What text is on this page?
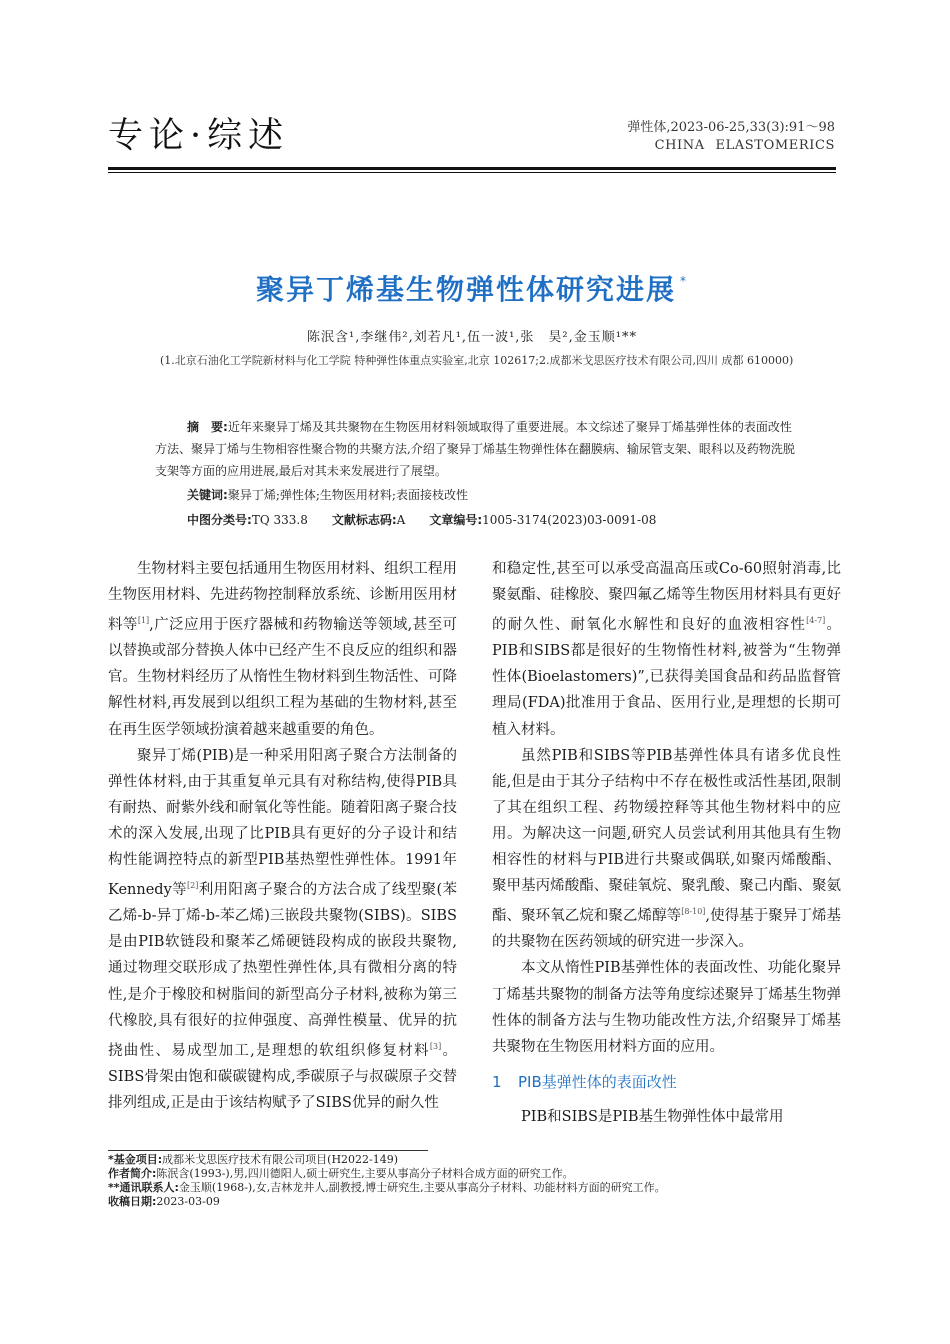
专论·综述	弹性体,2023-06-25,33(3):91～98
CHINA ELASTOMERICS
聚异丁烯基生物弹性体研究进展 *
陈泯含¹,李继伟²,刘若凡¹,伍一波¹,张　昊²,金玉顺¹**
(1.北京石油化工学院新材料与化工学院 特种弹性体重点实验室,北京 102617;2.成都米戈思医疗技术有限公司,四川 成都 610000)
摘　要:近年来聚异丁烯及其共聚物在生物医用材料领域取得了重要进展。本文综述了聚异丁烯基弹性体的表面改性方法、聚异丁烯与生物相容性聚合物的共聚方法,介绍了聚异丁烯基生物弹性体在翻膜病、输尿管支架、眼科以及药物洗脱支架等方面的应用进展,最后对其未来发展进行了展望。
关键词:聚异丁烯;弹性体;生物医用材料;表面接枝改性
中图分类号:TQ 333.8 文献标志码:A 文章编号:1005-3174(2023)03-0091-08

生物材料主要包括通用生物医用材料、组织工程用生物医用材料、先进药物控制释放系统、诊断用医用材料等[1],广泛应用于医疗器械和药物输送等领域,甚至可以替换或部分替换人体中已经产生不良反应的组织和器官。生物材料经历了从惰性生物材料到生物活性、可降解性材料,再发展到以组织工程为基础的生物材料,甚至在再生医学领域扮演着越来越重要的角色。

聚异丁烯(PIB)是一种采用阳离子聚合方法制备的弹性体材料,由于其重复单元具有对称结构,使得PIB具有耐热、耐紫外线和耐氧化等性能。随着阳离子聚合技术的深入发展,出现了比PIB具有更好的分子设计和结构性能调控特点的新型PIB基热塑性弹性体。1991年Kennedy等[2]利用阳离子聚合的方法合成了线型聚(苯乙烯-b-异丁烯-b-苯乙烯)三嵌段共聚物(SIBS)。SIBS是由PIB软链段和聚苯乙烯硬链段构成的嵌段共聚物,通过物理交联形成了热塑性弹性体,具有微相分离的特性,是介于橡胶和树脂间的新型高分子材料,被称为第三代橡胶,具有很好的拉伸强度、高弹性模量、优异的抗挠曲性、易成型加工,是理想的软组织修复材料[3]。SIBS骨架由饱和碳碳键构成,季碳原子与叔碳原子交替排列组成,正是由于该结构赋予了SIBS优异的耐久性

和稳定性,甚至可以承受高温高压或Co-60照射消毒,比聚氨酯、硅橡胶、聚四氟乙烯等生物医用材料具有更好的耐久性、耐氧化水解性和良好的血液相容性[4-7]。PIB和SIBS都是很好的生物惰性材料,被誉为“生物弹性体(Bioelastomers)”,已获得美国食品和药品监督管理局(FDA)批准用于食品、医用行业,是理想的长期可植入材料。

虽然PIB和SIBS等PIB基弹性体具有诸多优良性能,但是由于其分子结构中不存在极性或活性基团,限制了其在组织工程、药物缓控释等其他生物材料中的应用。为解决这一问题,研究人员尝试利用其他具有生物相容性的材料与PIB进行共聚或偶联,如聚丙烯酸酯、聚甲基丙烯酸酯、聚硅氧烷、聚乳酸、聚己内酯、聚氨酯、聚环氧乙烷和聚乙烯醇等[8-10],使得基于聚异丁烯基的共聚物在医药领域的研究进一步深入。

本文从惰性PIB基弹性体的表面改性、功能化聚异丁烯基共聚物的制备方法等角度综述聚异丁烯基生物弹性体的制备方法与生物功能改性方法,介绍聚异丁烯基共聚物在生物医用材料方面的应用。

1 PIB基弹性体的表面改性

PIB和SIBS是PIB基生物弹性体中最常用

*基金项目:成都米戈思医疗技术有限公司项目(H2022-149)

作者简介:陈泯含(1993-),男,四川德阳人,硕士研究生,主要从事高分子材料合成方面的研究工作。

**通讯联系人:金玉顺(1968-),女,吉林龙井人,副教授,博士研究生,主要从事高分子材料、功能材料方面的研究工作。

收稿日期:2023-03-09
